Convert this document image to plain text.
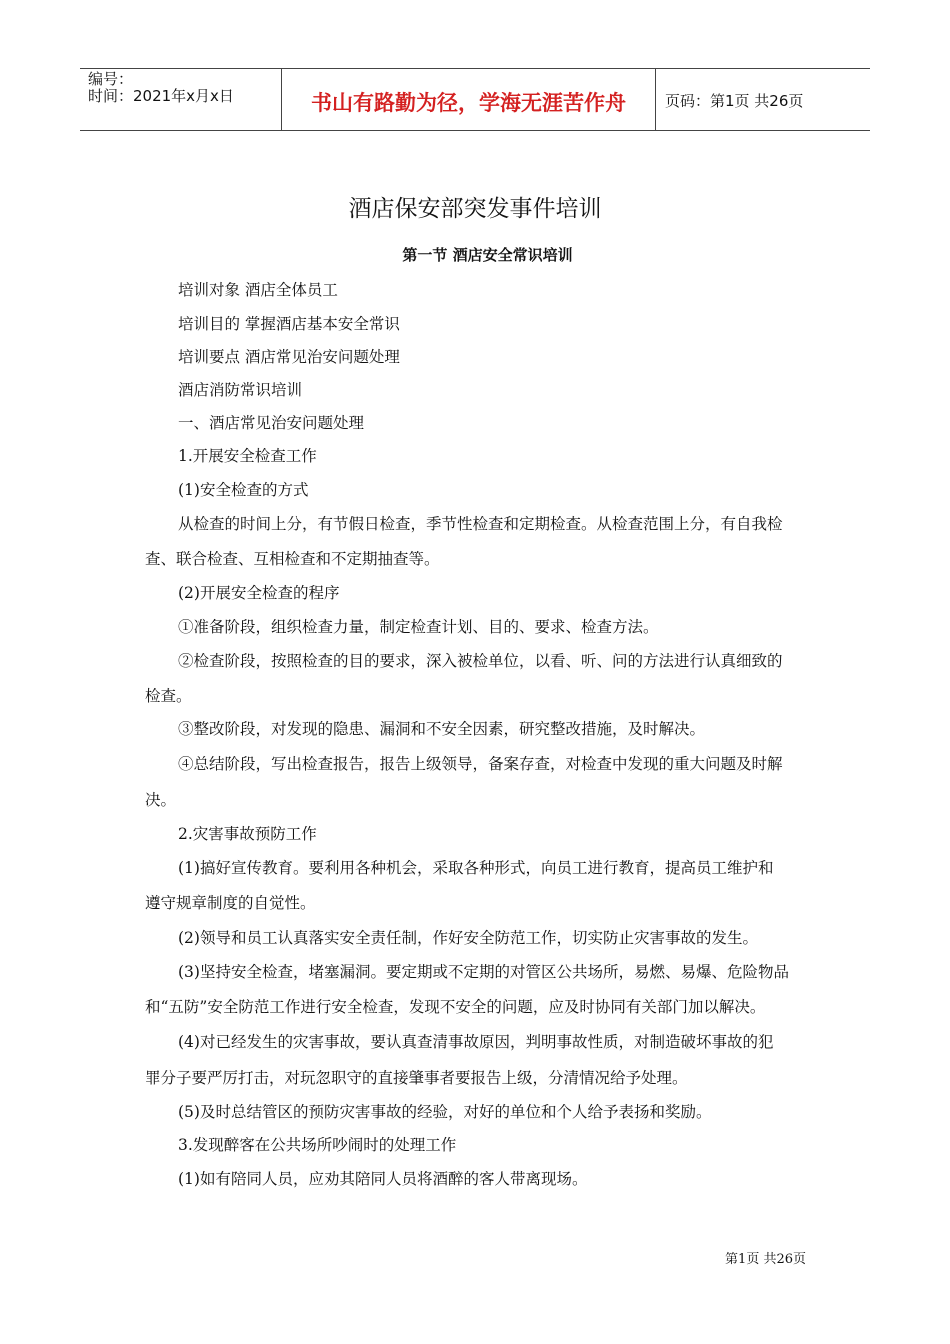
编号：
时间：2021年x月x日	书山有路勤为径，学海无涯苦作舟	页码：第1页 共26页
酒店保安部突发事件培训
第一节 酒店安全常识培训
培训对象 酒店全体员工
培训目的 掌握酒店基本安全常识
培训要点 酒店常见治安问题处理
酒店消防常识培训
一、酒店常见治安问题处理
1.开展安全检查工作
(1)安全检查的方式
从检查的时间上分，有节假日检查，季节性检查和定期检查。从检查范围上分，有自我检
查、联合检查、互相检查和不定期抽查等。
(2)开展安全检查的程序
①准备阶段，组织检查力量，制定检查计划、目的、要求、检查方法。
②检查阶段，按照检查的目的要求，深入被检单位，以看、听、问的方法进行认真细致的
检查。
③整改阶段，对发现的隐患、漏洞和不安全因素，研究整改措施，及时解决。
④总结阶段，写出检查报告，报告上级领导，备案存查，对检查中发现的重大问题及时解
决。
2.灾害事故预防工作
(1)搞好宣传教育。要利用各种机会，采取各种形式，向员工进行教育，提高员工维护和
遵守规章制度的自觉性。
(2)领导和员工认真落实安全责任制，作好安全防范工作，切实防止灾害事故的发生。
(3)坚持安全检查，堵塞漏洞。要定期或不定期的对管区公共场所，易燃、易爆、危险物品
和“五防”安全防范工作进行安全检查，发现不安全的问题，应及时协同有关部门加以解决。
(4)对已经发生的灾害事故，要认真查清事故原因，判明事故性质，对制造破坏事故的犯
罪分子要严厉打击，对玩忽职守的直接肇事者要报告上级，分清情况给予处理。
(5)及时总结管区的预防灾害事故的经验，对好的单位和个人给予表扬和奖励。
3.发现醉客在公共场所吵闹时的处理工作
(1)如有陪同人员，应劝其陪同人员将酒醉的客人带离现场。
第1页 共26页
